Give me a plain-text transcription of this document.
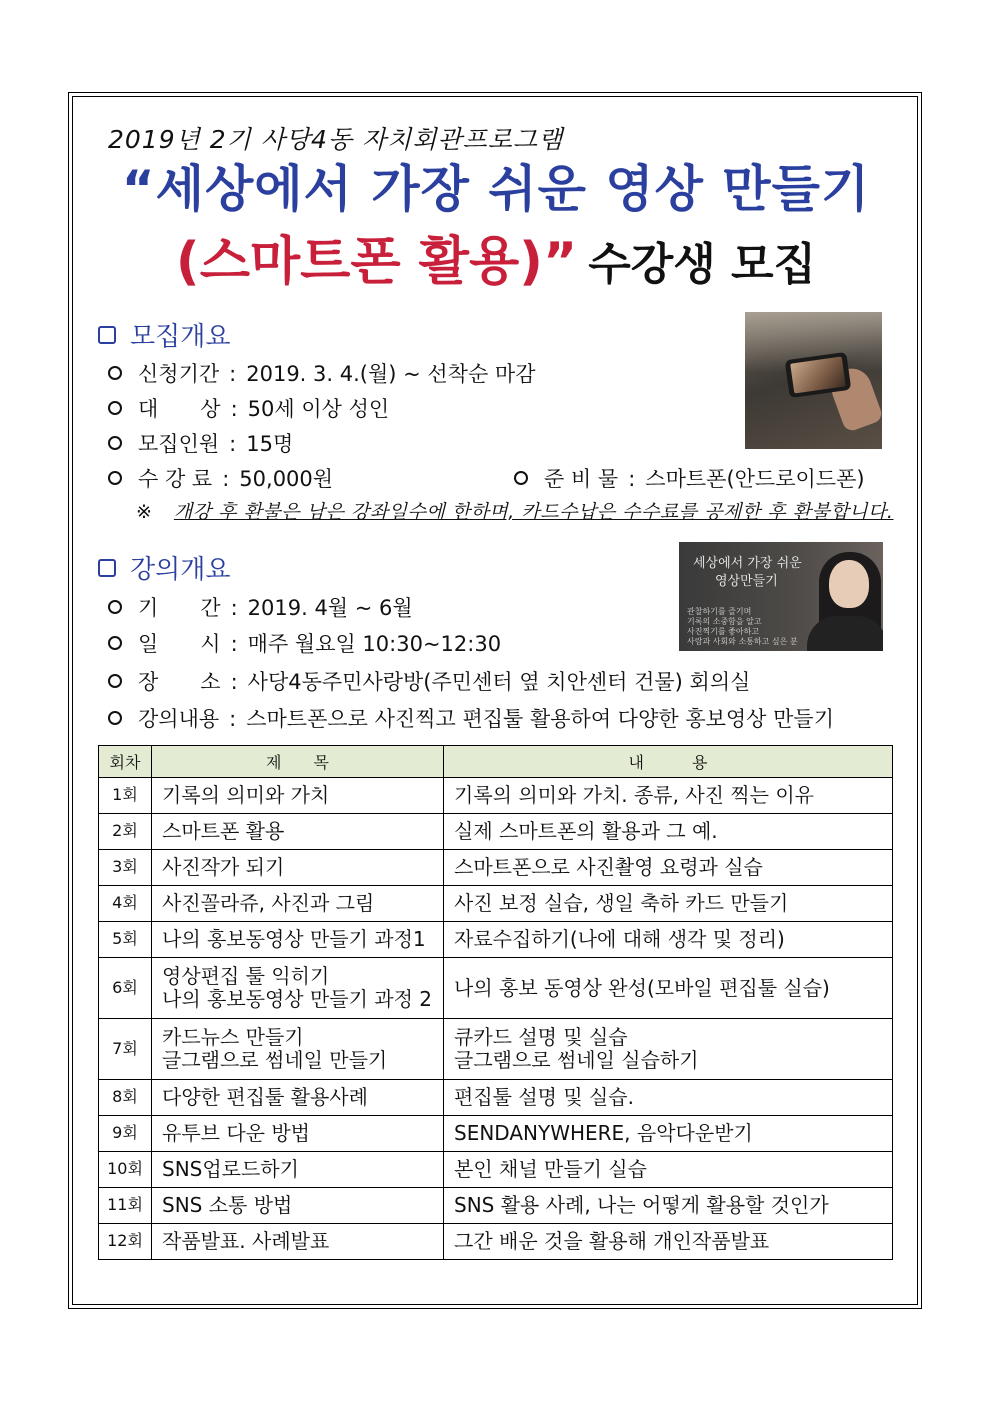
2019년 2기 사당4동 자치회관프로그램
“세상에서 가장 쉬운 영상 만들기
(스마트폰 활용)” 수강생 모집
모집개요
신청기간 : 2019. 3. 4.(월) ~ 선착순 마감
대　　상 : 50세 이상 성인
모집인원 : 15명
수 강 료 : 50,000원	준 비 물 : 스마트폰(안드로이드폰)
※ 개강 후 환불은 남은 강좌일수에 한하며, 카드수납은 수수료를 공제한 후 환불합니다.
강의개요
기　　간 : 2019. 4월 ~ 6월
일　　시 : 매주 월요일 10:30~12:30
장　　소 : 사당4동주민사랑방(주민센터 옆 치안센터 건물) 회의실
강의내용 : 스마트폰으로 사진찍고 편집툴 활용하여 다양한 홍보영상 만들기
세상에서 가장 쉬운
영상만들기
관찰하기를 즐기며
기록의 소중함을 알고
사진찍기를 좋아하고
사람과 사회와 소통하고 싶은 분
회차	제　　목	내　　　용
1회	기록의 의미와 가치	기록의 의미와 가치. 종류, 사진 찍는 이유

2회	스마트폰 활용	실제 스마트폰의 활용과 그 예.

3회	사진작가 되기	스마트폰으로 사진촬영 요령과 실습

4회	사진꼴라쥬, 사진과 그림	사진 보정 실습, 생일 축하 카드 만들기

5회	나의 홍보동영상 만들기 과정1	자료수집하기(나에 대해 생각 및 정리)

6회	영상편집 툴 익히기
나의 홍보동영상 만들기 과정 2	나의 홍보 동영상 완성(모바일 편집툴 실습)

7회	카드뉴스 만들기
글그램으로 썸네일 만들기	큐카드 설명 및 실습
글그램으로 썸네일 실습하기

8회	다양한 편집툴 활용사례	편집툴 설명 및 실습.

9회	유투브 다운 방법	SENDANYWHERE, 음악다운받기

10회	SNS업로드하기	본인 채널 만들기 실습

11회	SNS 소통 방법	SNS 활용 사례, 나는 어떻게 활용할 것인가

12회	작품발표. 사례발표	그간 배운 것을 활용해 개인작품발표
